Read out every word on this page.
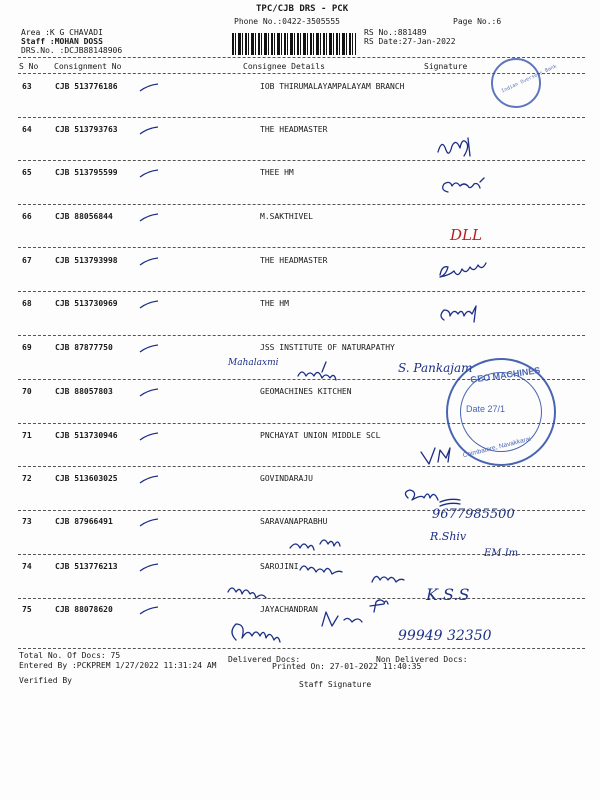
TPC/CJB DRS - PCK
Phone No.:0422-3505555	Page No.:6
Area :K G CHAVADI
Staff :MOHAN DOSS
DRS.No. :DCJB88148906
RS No.:881489
RS Date:27-Jan-2022
S No Consignment No	Consignee Details	Signature
63	CJB 513776186	IOB THIRUMALAYAMPALAYAM BRANCH
64	CJB 513793763	THE HEADMASTER
65	CJB 513795599	THEE HM
66	CJB 88056844	M.SAKTHIVEL
67	CJB 513793998	THE HEADMASTER
68	CJB 513730969	THE HM
69	CJB 87877750	JSS INSTITUTE OF NATURAPATHY
70	CJB 88057803	GEOMACHINES KITCHEN
71	CJB 513730946	PNCHAYAT UNION MIDDLE SCL
72	CJB 513603025	GOVINDARAJU
73	CJB 87966491	SARAVANAPRABHU
74	CJB 513776213	SAROJINI
75	CJB 88078620	JAYACHANDRAN
DLL
Mahalaxmi	S. Pankajam
9677985500
R.Shiv
EM Im
K.S.S
99949 32350
Indian Overseas Bank
GEO MACHINES
Date 27/1
Coimbatore, Navakkarai
Total No. Of Docs: 75	Delivered Docs:	Non Delivered Docs:
Entered By :PCKPREM 1/27/2022 11:31:24 AM	Printed On: 27-01-2022 11:40:35
Verified By	Staff Signature
